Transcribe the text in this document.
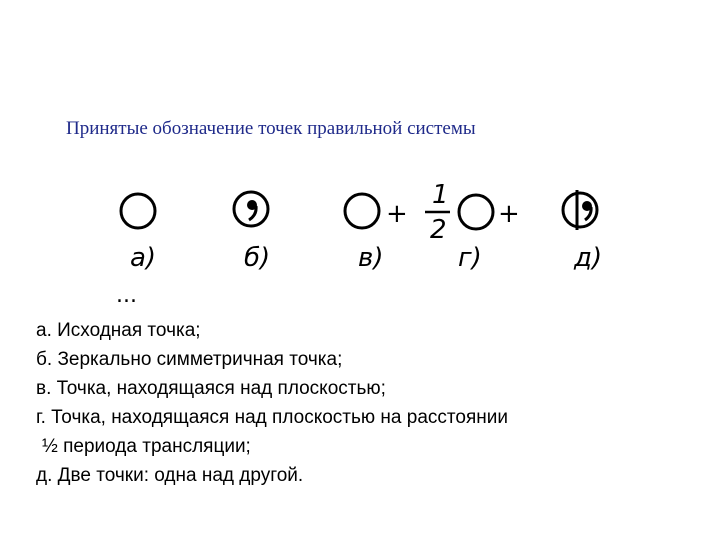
Принятые обозначение точек правильной системы
а)	б)
+
в)
1
2
+
г)	д)
...
а. Исходная точка;
б. Зеркально симметричная точка;
в. Точка, находящаяся над плоскостью;
г. Точка, находящаяся над плоскостью на расстоянии
½ периода трансляции;
д. Две точки: одна над другой.
